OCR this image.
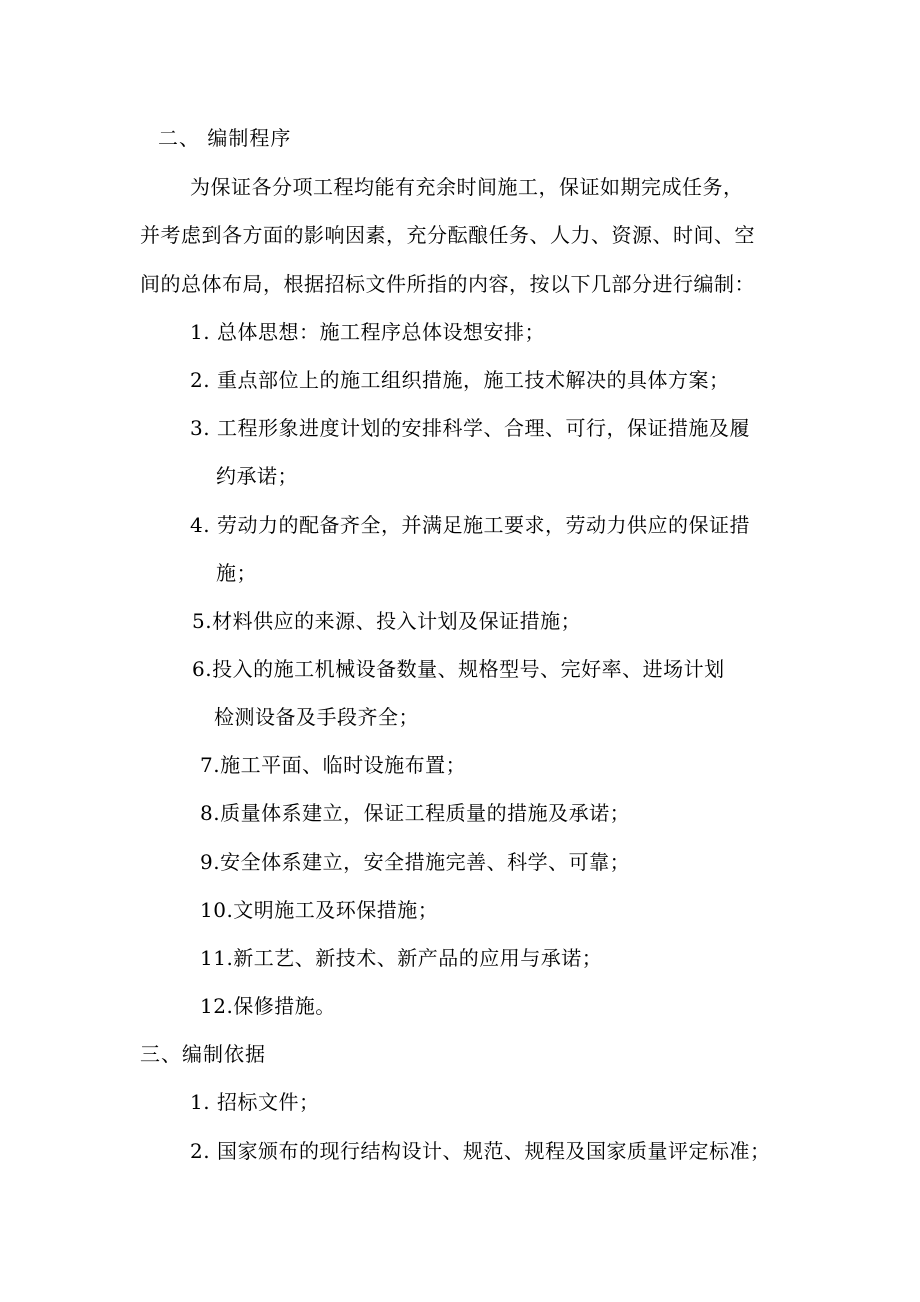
二、 编制程序
为保证各分项工程均能有充余时间施工，保证如期完成任务，
并考虑到各方面的影响因素，充分酝酿任务、人力、资源、时间、空
间的总体布局，根据招标文件所指的内容，按以下几部分进行编制：
1. 总体思想：施工程序总体设想安排；
2. 重点部位上的施工组织措施，施工技术解决的具体方案；
3. 工程形象进度计划的安排科学、合理、可行，保证措施及履
约承诺；
4. 劳动力的配备齐全，并满足施工要求，劳动力供应的保证措
施；
5.材料供应的来源、投入计划及保证措施；
6.投入的施工机械设备数量、规格型号、完好率、进场计划
检测设备及手段齐全；
7.施工平面、临时设施布置；
8.质量体系建立，保证工程质量的措施及承诺；
9.安全体系建立，安全措施完善、科学、可靠；
10.文明施工及环保措施；
11.新工艺、新技术、新产品的应用与承诺；
12.保修措施。
三、编制依据
1. 招标文件；
2. 国家颁布的现行结构设计、规范、规程及国家质量评定标准；
